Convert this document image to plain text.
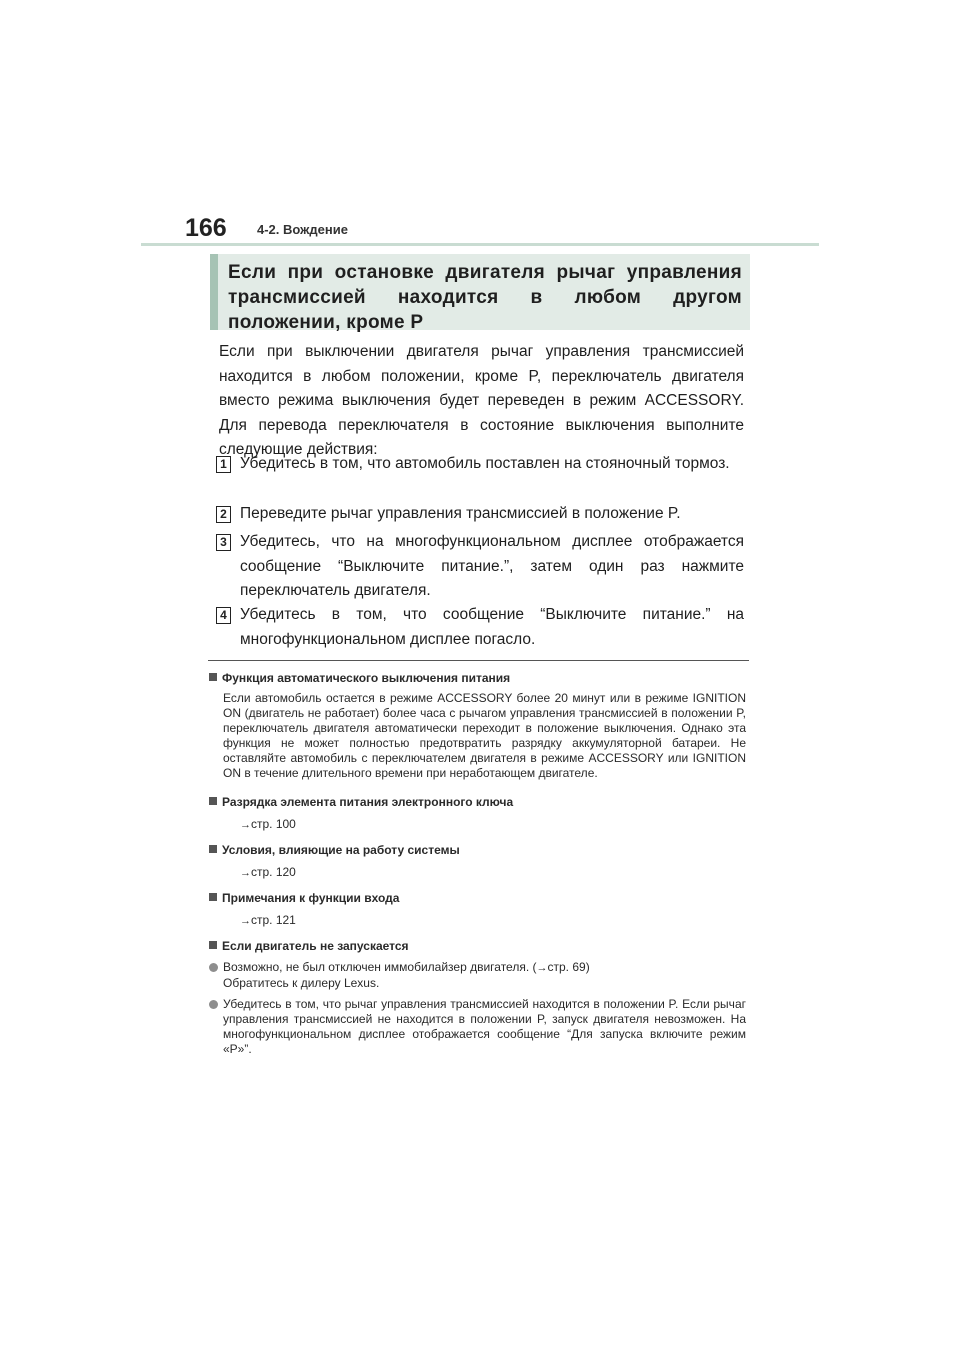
166 4-2. Вождение
Если при остановке двигателя рычаг управления трансмиссией находится в любом другом положении, кроме P
Если при выключении двигателя рычаг управления трансмиссией находится в любом положении, кроме P, переключатель двигателя вместо режима выключения будет переведен в режим ACCESSORY. Для перевода переключателя в состояние выключения выполните следующие действия:
1 Убедитесь в том, что автомобиль поставлен на стояночный тормоз.
2 Переведите рычаг управления трансмиссией в положение P.
3 Убедитесь, что на многофункциональном дисплее отображается сообщение “Выключите питание.”, затем один раз нажмите переключатель двигателя.
4 Убедитесь в том, что сообщение “Выключите питание.” на многофункциональном дисплее погасло.
Функция автоматического выключения питания
Если автомобиль остается в режиме ACCESSORY более 20 минут или в режиме IGNITION ON (двигатель не работает) более часа с рычагом управления трансмиссией в положении P, переключатель двигателя автоматически переходит в положение выключения. Однако эта функция не может полностью предотвратить разрядку аккумуляторной батареи. Не оставляйте автомобиль с переключателем двигателя в режиме ACCESSORY или IGNITION ON в течение длительного времени при неработающем двигателе.
Разрядка элемента питания электронного ключа
→стр. 100
Условия, влияющие на работу системы
→стр. 120
Примечания к функции входа
→стр. 121
Если двигатель не запускается
Возможно, не был отключен иммобилайзер двигателя. (→стр. 69)
Обратитесь к дилеру Lexus.
Убедитесь в том, что рычаг управления трансмиссией находится в положении P. Если рычаг управления трансмиссией не находится в положении P, запуск двигателя невозможен. На многофункциональном дисплее отображается сообщение “Для запуска включите режим «P»”.
